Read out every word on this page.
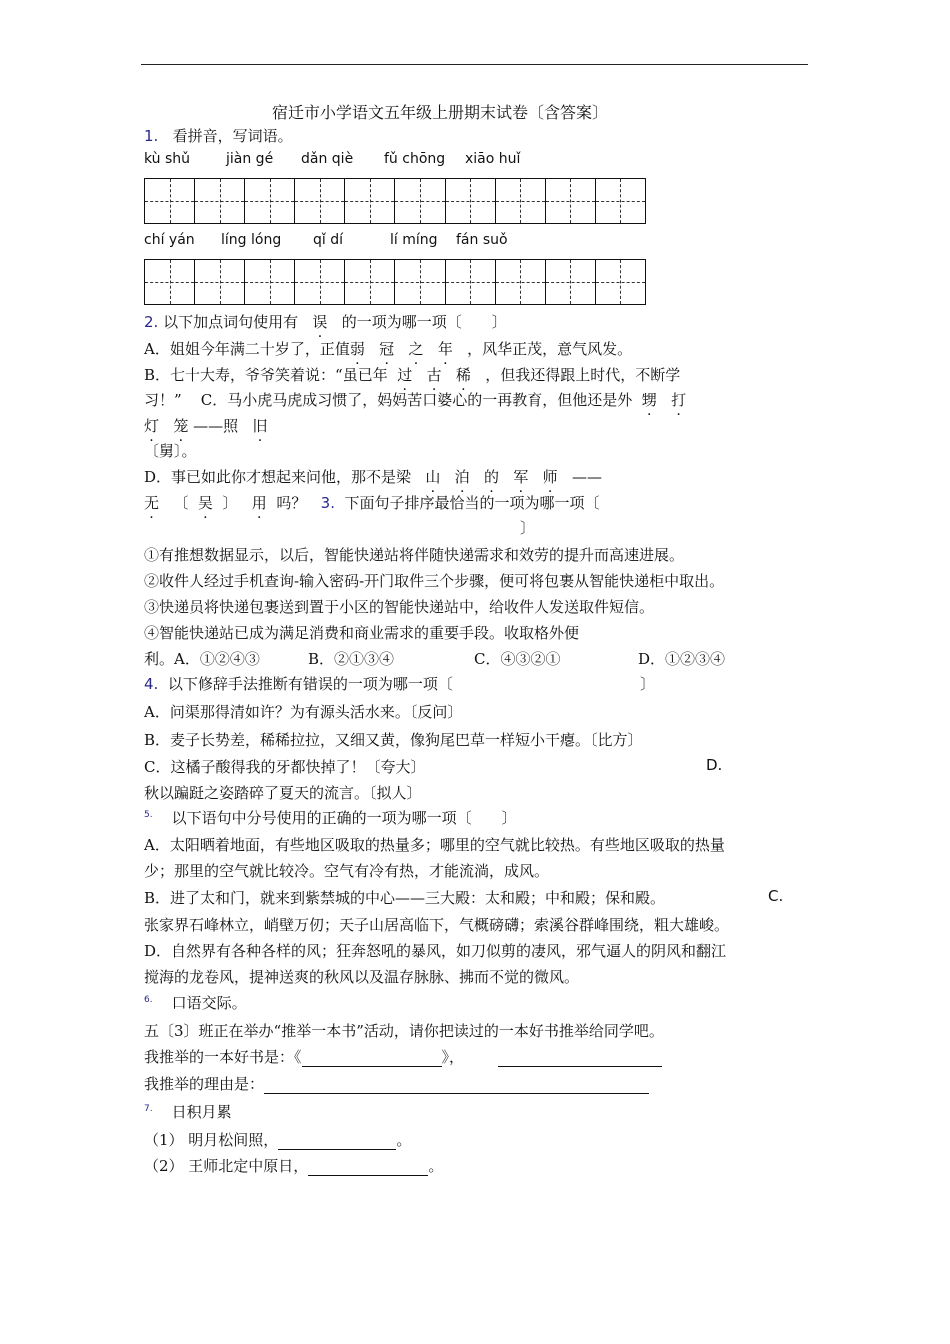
宿迁市小学语文五年级上册期末试卷〔含答案〕
1. 看拼音，写词语。
kù shǔ	jiàn gé dǎn qiè fǔ chōng xiāo huǐ
chí yán líng lóng qǐ dí	lí míng fán suǒ
2. 以下加点词句使用有 误 的一项为哪一项〔　　〕
A．姐姐今年满二十岁了，正值弱 冠 之 年 ，风华正茂，意气风发。
B．七十大寿，爷爷笑着说：“虽已年 过 古 稀 ，但我还得跟上时代，不断学
习！” C．马小虎马虎成习惯了，妈妈苦口婆心的一再教育，但他还是外 甥 打
灯 笼 ——照 旧
〔舅〕。
D．事已如此你才想起来问他，那不是梁 山 泊 的 军 师 ——
无 〔 吴 〕 用 吗？ 3. 下面句子排序最恰当的一项为哪一项〔
〕
①有推想数据显示，以后，智能快递站将伴随快递需求和效劳的提升而高速进展。
②收件人经过手机查询-输入密码-开门取件三个步骤，便可将包裹从智能快递柜中取出。
③快递员将快递包裹送到置于小区的智能快递站中，给收件人发送取件短信。
④智能快递站已成为满足消费和商业需求的重要手段。收取格外便
利。 A．①②④③	B．②①③④	C．④③②①	D．①②③④
4. 以下修辞手法推断有错误的一项为哪一项〔	〕
A．问渠那得清如许？为有源头活水来。〔反问〕
B．麦子长势差，稀稀拉拉，又细又黄，像狗尾巴草一样短小干瘪。〔比方〕
C．这橘子酸得我的牙都快掉了！〔夸大〕	D.
秋以蹁跹之姿踏碎了夏天的流言。〔拟人〕
$^{5.}$ 以下语句中分号使用的正确的一项为哪一项〔　　〕
A．太阳晒着地面，有些地区吸取的热量多；哪里的空气就比较热。有些地区吸取的热量
少；那里的空气就比较冷。空气有冷有热，才能流淌，成风。
B．进了太和门，就来到紫禁城的中心——三大殿：太和殿；中和殿；保和殿。	C.
张家界石峰林立，峭壁万仞；天子山居高临下，气概磅礴；索溪谷群峰围绕，粗大雄峻。
D．自然界有各种各样的风；狂奔怒吼的暴风，如刀似剪的凄风，邪气逼人的阴风和翻江
搅海的龙卷风，提神送爽的秋风以及温存脉脉、拂而不觉的微风。
$^{6.}$ 口语交际。
五〔3〕班正在举办“推举一本书”活动，请你把读过的一本好书推举给同学吧。
我推举的一本好书是：《	》，
我推举的理由是：
$^{7.}$ 日积月累
（1） 明月松间照，	。
（2） 王师北定中原日，	。
